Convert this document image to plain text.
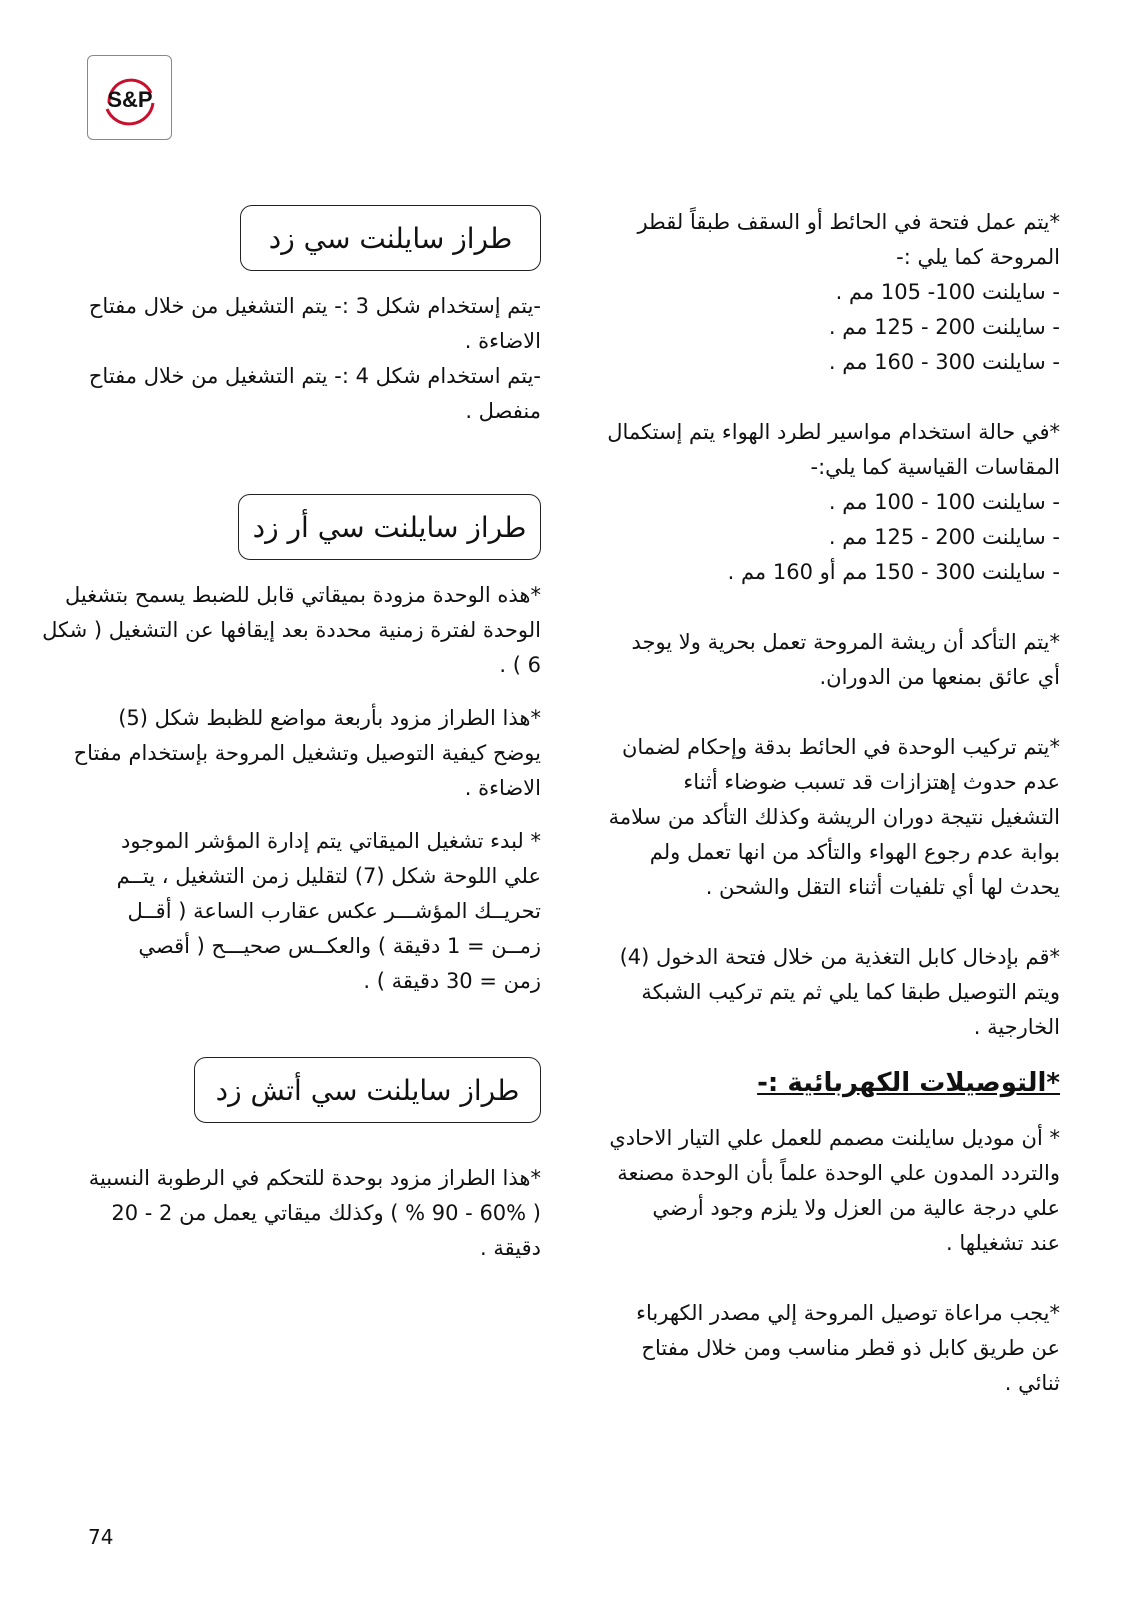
S&P

*يتم عمل فتحة في الحائط أو السقف طبقاً لقطر
المروحة كما يلي :-
- سايلنت 100- 105 مم .
- سايلنت 200 - 125 مم .
- سايلنت 300 - 160 مم .

*في حالة استخدام مواسير لطرد الهواء يتم إستكمال
المقاسات القياسية كما يلي:-
- سايلنت 100 - 100 مم .
- سايلنت 200 - 125 مم .
- سايلنت 300 - 150 مم أو 160 مم .

*يتم التأكد أن ريشة المروحة تعمل بحرية ولا يوجد
أي عائق بمنعها من الدوران.

*يتم تركيب الوحدة في الحائط بدقة وإحكام لضمان
عدم حدوث إهتزازات قد تسبب ضوضاء أثناء
التشغيل نتيجة دوران الريشة وكذلك التأكد من سلامة
بوابة عدم رجوع الهواء والتأكد من انها تعمل ولم
يحدث لها أي تلفيات أثناء التقل والشحن .

*قم بإدخال كابل التغذية من خلال فتحة الدخول (4)
ويتم التوصيل طبقا كما يلي ثم يتم تركيب الشبكة
الخارجية .

*التوصيلات الكهربائية :-

* أن موديل سايلنت مصمم للعمل علي التيار الاحادي
والتردد المدون علي الوحدة علماً بأن الوحدة مصنعة
علي درجة عالية من العزل ولا يلزم وجود أرضي
عند تشغيلها .

*يجب مراعاة توصيل المروحة إلي مصدر الكهرباء
عن طريق كابل ذو قطر مناسب ومن خلال مفتاح
ثنائي .

طراز سايلنت سي زد

-يتم إستخدام شكل 3 :- يتم التشغيل من خلال مفتاح
الاضاءة .

-يتم استخدام شكل 4 :- يتم التشغيل من خلال مفتاح
منفصل .

طراز سايلنت سي أر زد

*هذه الوحدة مزودة بميقاتي قابل للضبط يسمح بتشغيل
الوحدة لفترة زمنية محددة بعد إيقافها عن التشغيل ( شكل
6 ) .

*هذا الطراز مزود بأربعة مواضع للظبط شكل (5)
يوضح كيفية التوصيل وتشغيل المروحة بإستخدام مفتاح
الاضاءة .

* لبدء تشغيل الميقاتي يتم إدارة المؤشر الموجود
علي اللوحة شكل (7) لتقليل زمن التشغيل ، يتــم
تحريــك المؤشـــر عكس عقارب الساعة ( أقــل
زمــن = 1 دقيقة ) والعكــس صحيـــح ( أقصي
زمن = 30 دقيقة ) .

طراز سايلنت سي أتش زد

*هذا الطراز مزود بوحدة للتحكم في الرطوبة النسبية
( 60% - 90 % ) وكذلك ميقاتي يعمل من 2 - 20
دقيقة .

74
